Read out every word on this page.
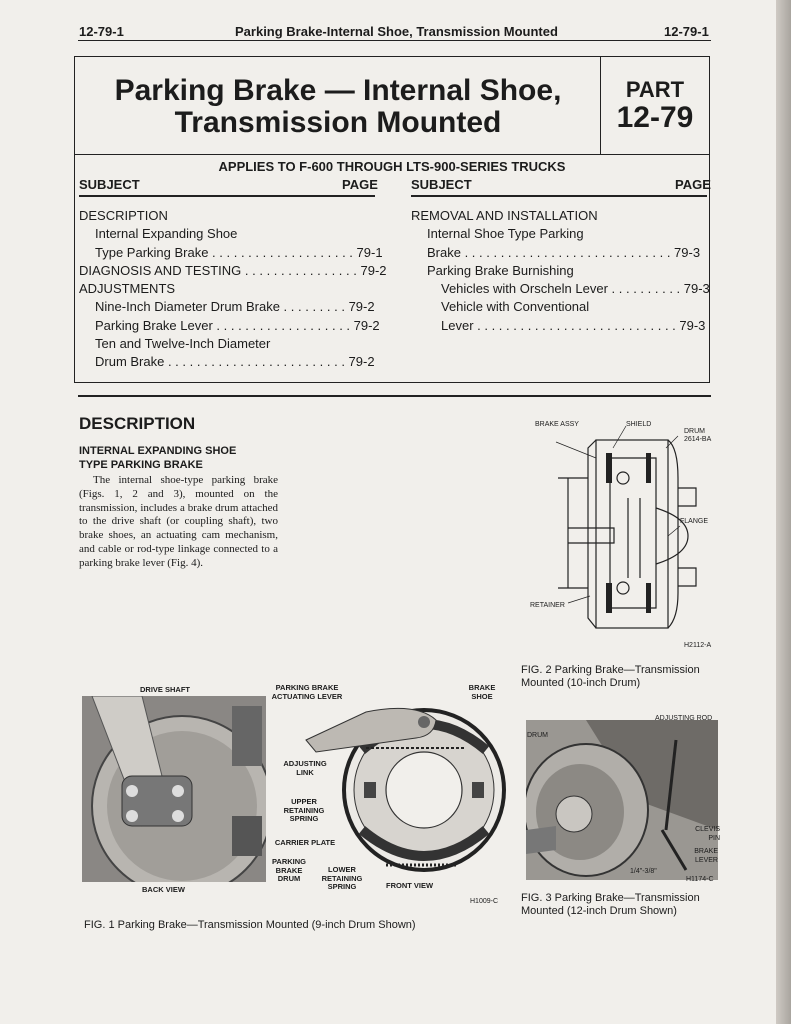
12-79-1	Parking Brake-Internal Shoe, Transmission Mounted	12-79-1
Parking Brake — Internal Shoe,
Transmission Mounted
PART
12-79
APPLIES TO F-600 THROUGH LTS-900-SERIES TRUCKS
SUBJECT	PAGE	SUBJECT	PAGE
DESCRIPTION
Internal Expanding Shoe
Type Parking Brake . . . . . . . . . . . . . . . . . . . . 79-1
DIAGNOSIS AND TESTING . . . . . . . . . . . . . . . . 79-2
ADJUSTMENTS
Nine-Inch Diameter Drum Brake . . . . . . . . . 79-2
Parking Brake Lever . . . . . . . . . . . . . . . . . . . 79-2
Ten and Twelve-Inch Diameter
Drum Brake . . . . . . . . . . . . . . . . . . . . . . . . . 79-2
REMOVAL AND INSTALLATION
Internal Shoe Type Parking
Brake . . . . . . . . . . . . . . . . . . . . . . . . . . . . . 79-3
Parking Brake Burnishing
Vehicles with Orscheln Lever . . . . . . . . . . 79-3
Vehicle with Conventional
Lever . . . . . . . . . . . . . . . . . . . . . . . . . . . . 79-3
DESCRIPTION
INTERNAL EXPANDING SHOE
TYPE PARKING BRAKE
The internal shoe-type parking brake (Figs. 1, 2 and 3), mounted on the transmission, includes a brake drum attached to the drive shaft (or coupling shaft), two brake shoes, an actuating cam mechanism, and cable or rod-type linkage connected to a parking brake lever (Fig. 4).
BRAKE ASSY	SHIELD
DRUM
2614-BA
FLANGE
RETAINER
H2112-A
FIG. 2 Parking Brake—Transmission Mounted (10-inch Drum)
DRIVE SHAFT	PARKING BRAKE ACTUATING LEVER
BRAKE SHOE
ADJUSTING LINK
UPPER RETAINING SPRING
CARRIER PLATE
PARKING BRAKE DRUM
LOWER RETAINING SPRING
BACK VIEW	FRONT VIEW
H1009-C
FIG. 1 Parking Brake—Transmission Mounted (9-inch Drum Shown)
ADJUSTING ROD
DRUM
CLEVIS PIN
BRAKE LEVER
1/4"-3/8"
H1174-C
FIG. 3 Parking Brake—Transmission Mounted (12-inch Drum Shown)
